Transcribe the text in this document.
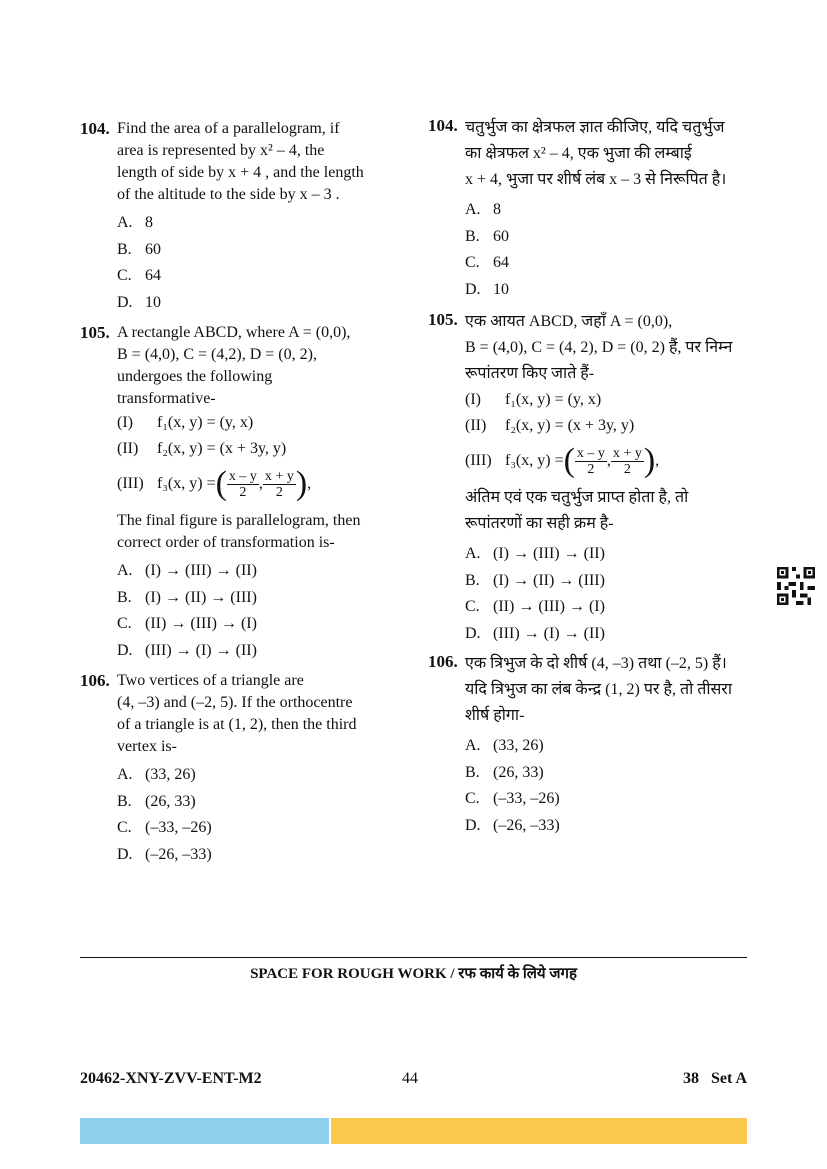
104. Find the area of a parallelogram, if
area is represented by x² – 4, the
length of side by x + 4 , and the length
of the altitude to the side by x – 3 .

A. 8
B. 60
C. 64
D. 10
105. A rectangle ABCD, where A = (0,0),
B = (4,0), C = (4,2), D = (0, 2),
undergoes the following
transformative-

(I) f₁(x, y) = (y, x)
(II) f₂(x, y) = (x + 3y, y)
(III) f₃(x, y) = ( $\frac{x - y}{2}$ , $\frac{x + y}{2}$ ) ,

The final figure is parallelogram, then
correct order of transformation is-

A. (I) → (III) → (II)
B. (I) → (II) → (III)
C. (II) → (III) → (I)
D. (III) → (I) → (II)
106. Two vertices of a triangle are
(4, –3) and (–2, 5). If the orthocentre
of a triangle is at (1, 2), then the third
vertex is-

A. (33, 26)
B. (26, 33)
C. (–33, –26)
D. (–26, –33)
104. चतुर्भुज का क्षेत्रफल ज्ञात कीजिए, यदि चतुर्भुज
का क्षेत्रफल x² – 4, एक भुजा की लम्बाई
x + 4, भुजा पर शीर्ष लंब x – 3 से निरूपित है।

A. 8
B. 60
C. 64
D. 10
105. एक आयत ABCD, जहाँ A = (0,0),
B = (4,0), C = (4, 2), D = (0, 2) हैं, पर निम्न
रूपांतरण किए जाते हैं-

(I) f₁(x, y) = (y, x)
(II) f₂(x, y) = (x + 3y, y)
(III) f₃(x, y) = ( $\frac{x - y}{2}$ , $\frac{x + y}{2}$ ) ,

अंतिम एवं एक चतुर्भुज प्राप्त होता है, तो
रूपांतरणों का सही क्रम है-

A. (I) → (III) → (II)
B. (I) → (II) → (III)
C. (II) → (III) → (I)
D. (III) → (I) → (II)
106. एक त्रिभुज के दो शीर्ष (4, –3) तथा (–2, 5) हैं।
यदि त्रिभुज का लंब केन्द्र (1, 2) पर है, तो तीसरा
शीर्ष होगा-

A. (33, 26)
B. (26, 33)
C. (–33, –26)
D. (–26, –33)
SPACE FOR ROUGH WORK / रफ कार्य के लिये जगह
20462-XNY-ZVV-ENT-M2	44	38   Set A
